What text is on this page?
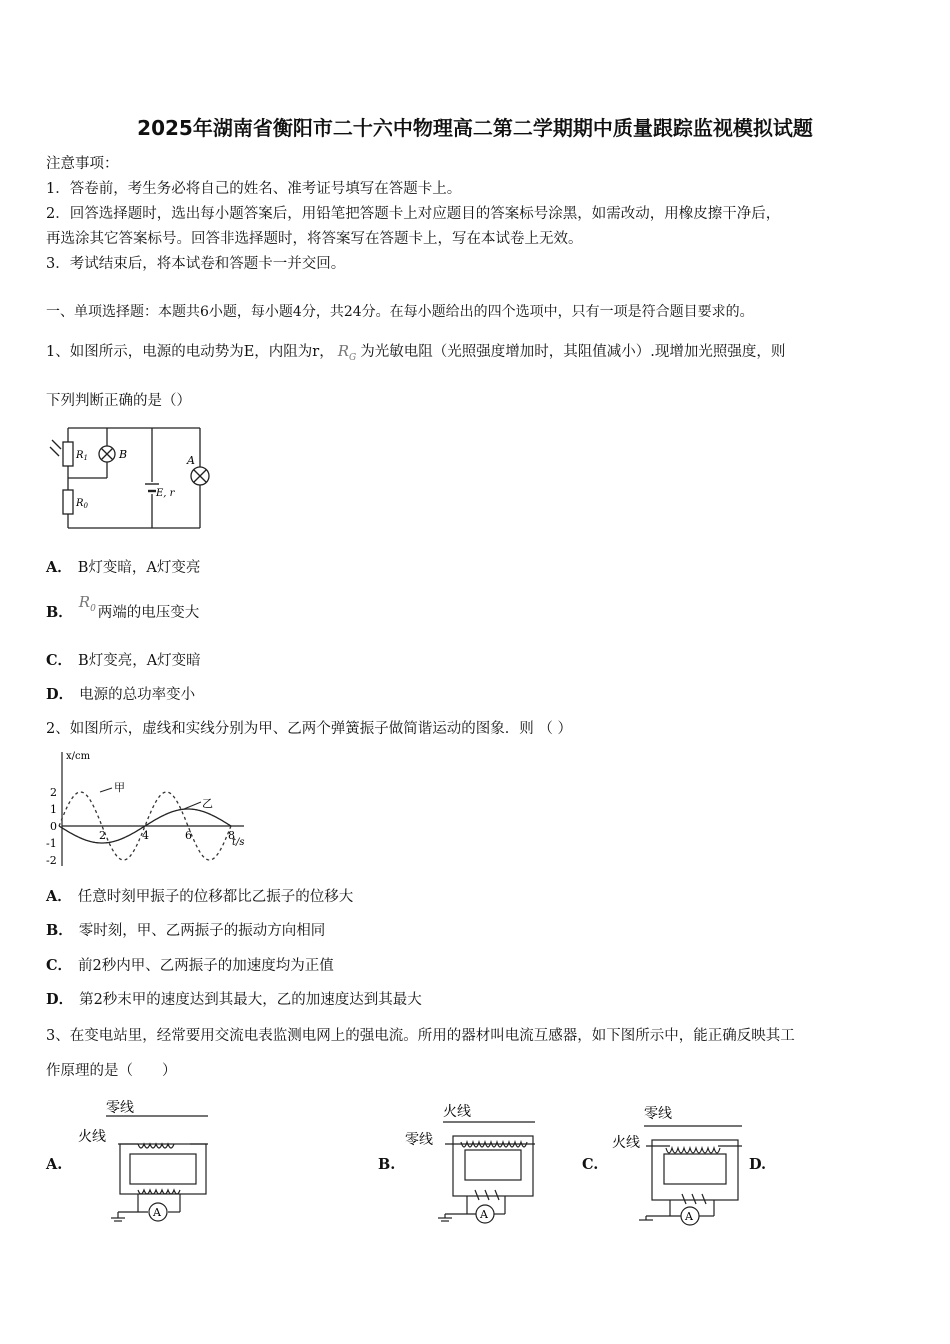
2025年湖南省衡阳市二十六中物理高二第二学期期中质量跟踪监视模拟试题
注意事项：
1．答卷前，考生务必将自己的姓名、准考证号填写在答题卡上。
2．回答选择题时，选出每小题答案后，用铅笔把答题卡上对应题目的答案标号涂黑，如需改动，用橡皮擦干净后，
再选涂其它答案标号。回答非选择题时，将答案写在答题卡上，写在本试卷上无效。
3．考试结束后，将本试卷和答题卡一并交回。
一、单项选择题：本题共6小题，每小题4分，共24分。在每小题给出的四个选项中，只有一项是符合题目要求的。
1、如图所示，电源的电动势为E，内阻为r， $R_G$ 为光敏电阻（光照强度增加时，其阻值减小）.现增加光照强度，则
下列判断正确的是（）
$R_1$
$R_0$
B	A
E, r
A． B灯变暗，A灯变亮
B．$R_0$ 两端的电压变大
C． B灯变亮，A灯变暗
D． 电源的总功率变小
2、如图所示，虚线和实线分别为甲、乙两个弹簧振子做简谐运动的图象．则 （ ）
x/cm
t/s
2	4	6	8
2
1
0
-1
-2
甲
乙
A． 任意时刻甲振子的位移都比乙振子的位移大
B． 零时刻，甲、乙两振子的振动方向相同
C． 前2秒内甲、乙两振子的加速度均为正值
D． 第2秒末甲的速度达到其最大，乙的加速度达到其最大
3、在变电站里，经常要用交流电表监测电网上的强电流。所用的器材叫电流互感器，如下图所示中，能正确反映其工
作原理的是（　　）
A.	B.	C.	D.
零线
火线
A
火线
零线
A
零线
火线
A
